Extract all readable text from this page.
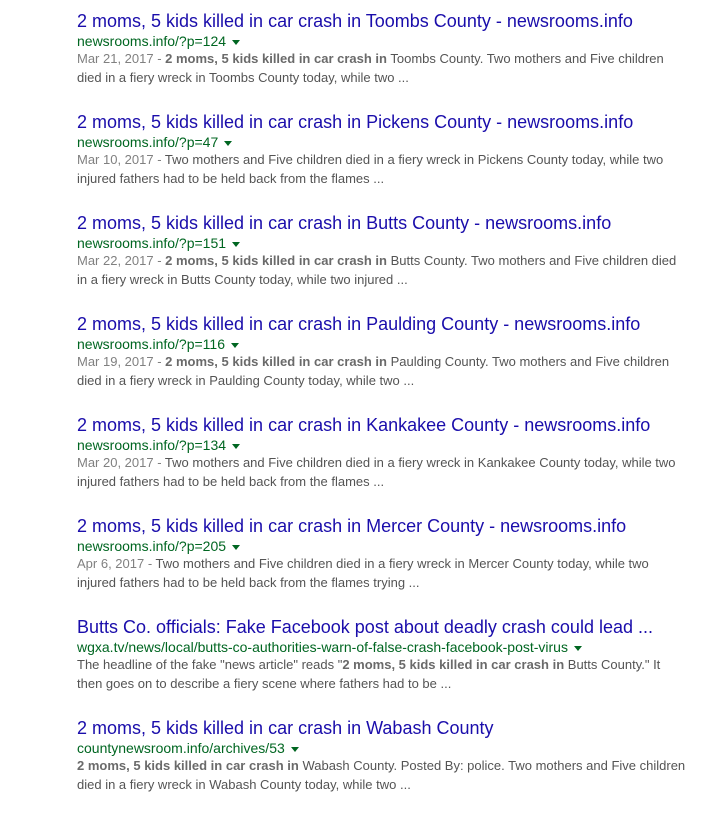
2 moms, 5 kids killed in car crash in Toombs County - newsrooms.info
newsrooms.info/?p=124

Mar 21, 2017 - 2 moms, 5 kids killed in car crash in Toombs County. Two mothers and Five children died in a fiery wreck in Toombs County today, while two ...

2 moms, 5 kids killed in car crash in Pickens County - newsrooms.info
newsrooms.info/?p=47

Mar 10, 2017 - Two mothers and Five children died in a fiery wreck in Pickens County today, while two injured fathers had to be held back from the flames ...

2 moms, 5 kids killed in car crash in Butts County - newsrooms.info
newsrooms.info/?p=151

Mar 22, 2017 - 2 moms, 5 kids killed in car crash in Butts County. Two mothers and Five children died in a fiery wreck in Butts County today, while two injured ...

2 moms, 5 kids killed in car crash in Paulding County - newsrooms.info
newsrooms.info/?p=116

Mar 19, 2017 - 2 moms, 5 kids killed in car crash in Paulding County. Two mothers and Five children died in a fiery wreck in Paulding County today, while two ...

2 moms, 5 kids killed in car crash in Kankakee County - newsrooms.info
newsrooms.info/?p=134

Mar 20, 2017 - Two mothers and Five children died in a fiery wreck in Kankakee County today, while two injured fathers had to be held back from the flames ...

2 moms, 5 kids killed in car crash in Mercer County - newsrooms.info
newsrooms.info/?p=205

Apr 6, 2017 - Two mothers and Five children died in a fiery wreck in Mercer County today, while two injured fathers had to be held back from the flames trying ...

Butts Co. officials: Fake Facebook post about deadly crash could lead ...
wgxa.tv/news/local/butts-co-authorities-warn-of-false-crash-facebook-post-virus

The headline of the fake "news article" reads "2 moms, 5 kids killed in car crash in Butts County." It then goes on to describe a fiery scene where fathers had to be ...

2 moms, 5 kids killed in car crash in Wabash County
countynewsroom.info/archives/53

2 moms, 5 kids killed in car crash in Wabash County. Posted By: police. Two mothers and Five children died in a fiery wreck in Wabash County today, while two ...
